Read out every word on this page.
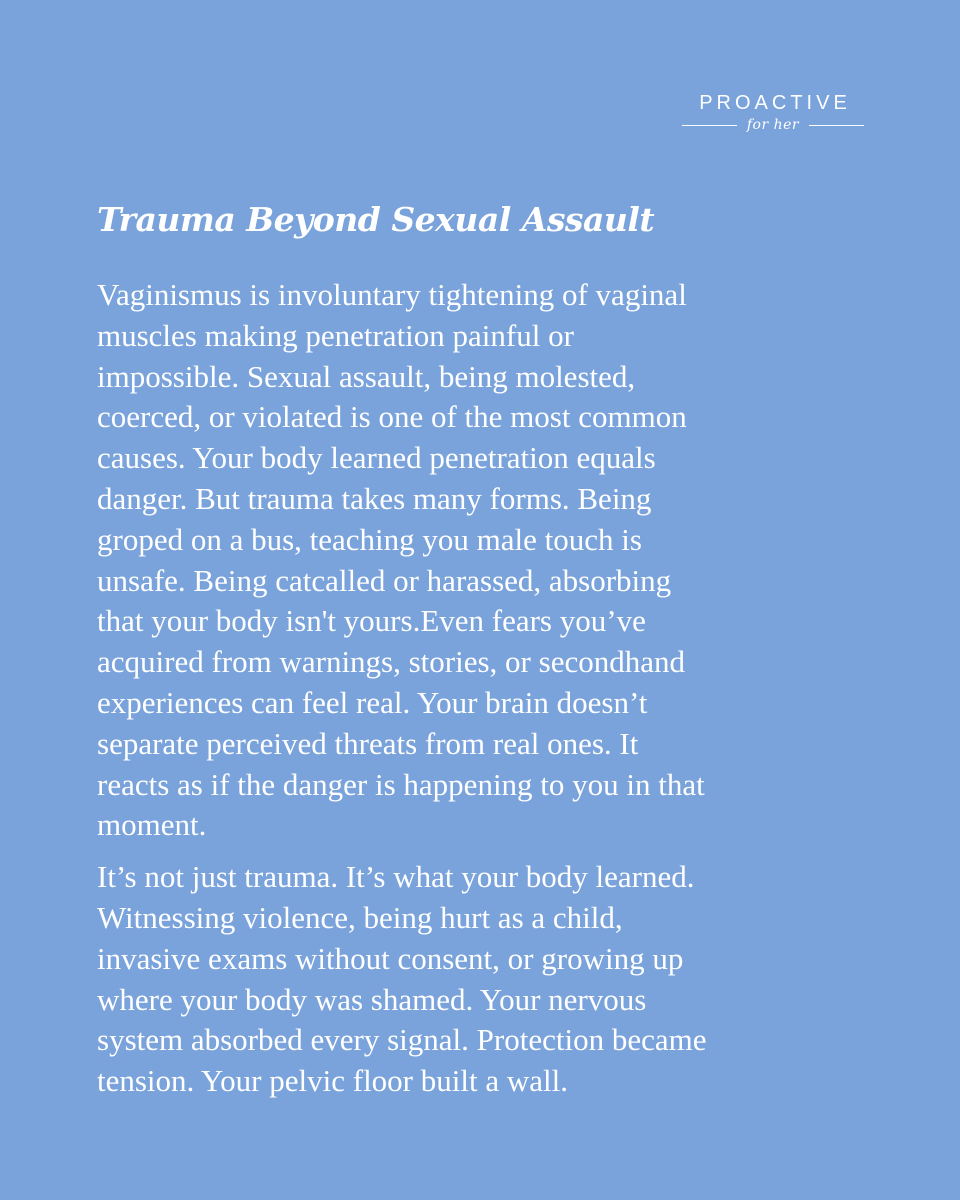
PROACTIVE
for her
Trauma Beyond Sexual Assault

Vaginismus is involuntary tightening of vaginal
muscles making penetration painful or
impossible. Sexual assault, being molested,
coerced, or violated is one of the most common
causes. Your body learned penetration equals
danger. But trauma takes many forms. Being
groped on a bus, teaching you male touch is
unsafe. Being catcalled or harassed, absorbing
that your body isn't yours.Even fears you’ve
acquired from warnings, stories, or secondhand
experiences can feel real. Your brain doesn’t
separate perceived threats from real ones. It
reacts as if the danger is happening to you in that
moment.

It’s not just trauma. It’s what your body learned.
Witnessing violence, being hurt as a child,
invasive exams without consent, or growing up
where your body was shamed. Your nervous
system absorbed every signal. Protection became
tension. Your pelvic floor built a wall.
